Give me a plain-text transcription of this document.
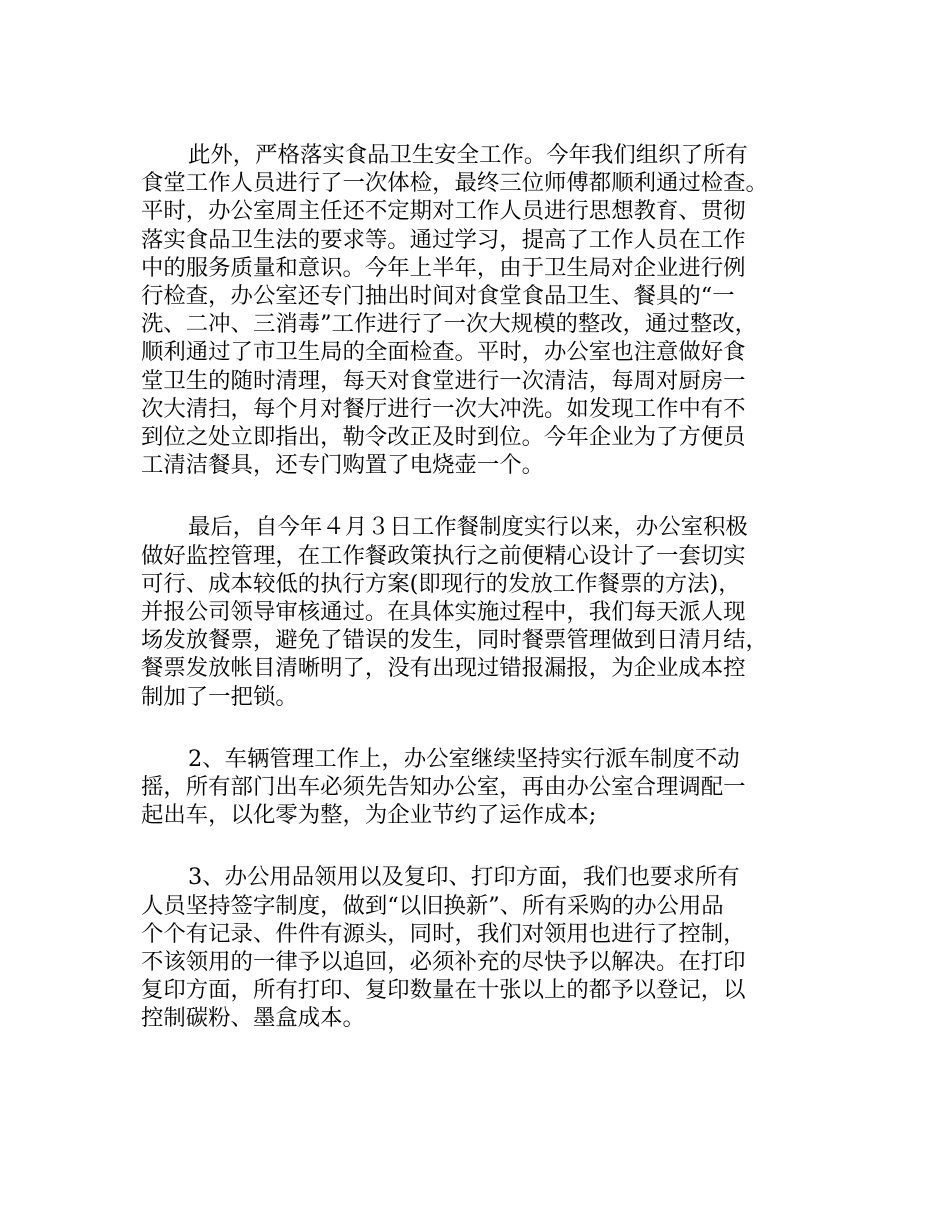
此外，严格落实食品卫生安全工作。今年我们组织了所有
食堂工作人员进行了一次体检，最终三位师傅都顺利通过检查。
平时，办公室周主任还不定期对工作人员进行思想教育、贯彻
落实食品卫生法的要求等。通过学习，提高了工作人员在工作
中的服务质量和意识。今年上半年，由于卫生局对企业进行例
行检查，办公室还专门抽出时间对食堂食品卫生、餐具的“一
洗、二冲、三消毒”工作进行了一次大规模的整改，通过整改，
顺利通过了市卫生局的全面检查。平时，办公室也注意做好食
堂卫生的随时清理，每天对食堂进行一次清洁，每周对厨房一
次大清扫，每个月对餐厅进行一次大冲洗。如发现工作中有不
到位之处立即指出，勒令改正及时到位。今年企业为了方便员
工清洁餐具，还专门购置了电烧壶一个。
最后，自今年４月３日工作餐制度实行以来，办公室积极
做好监控管理，在工作餐政策执行之前便精心设计了一套切实
可行、成本较低的执行方案(即现行的发放工作餐票的方法)，
并报公司领导审核通过。在具体实施过程中，我们每天派人现
场发放餐票，避免了错误的发生，同时餐票管理做到日清月结，
餐票发放帐目清晰明了，没有出现过错报漏报，为企业成本控
制加了一把锁。
2、车辆管理工作上，办公室继续坚持实行派车制度不动
摇，所有部门出车必须先告知办公室，再由办公室合理调配一
起出车，以化零为整，为企业节约了运作成本;
3、办公用品领用以及复印、打印方面，我们也要求所有
人员坚持签字制度，做到“以旧换新”、所有采购的办公用品
个个有记录、件件有源头，同时，我们对领用也进行了控制，
不该领用的一律予以追回，必须补充的尽快予以解决。在打印
复印方面，所有打印、复印数量在十张以上的都予以登记，以
控制碳粉、墨盒成本。
